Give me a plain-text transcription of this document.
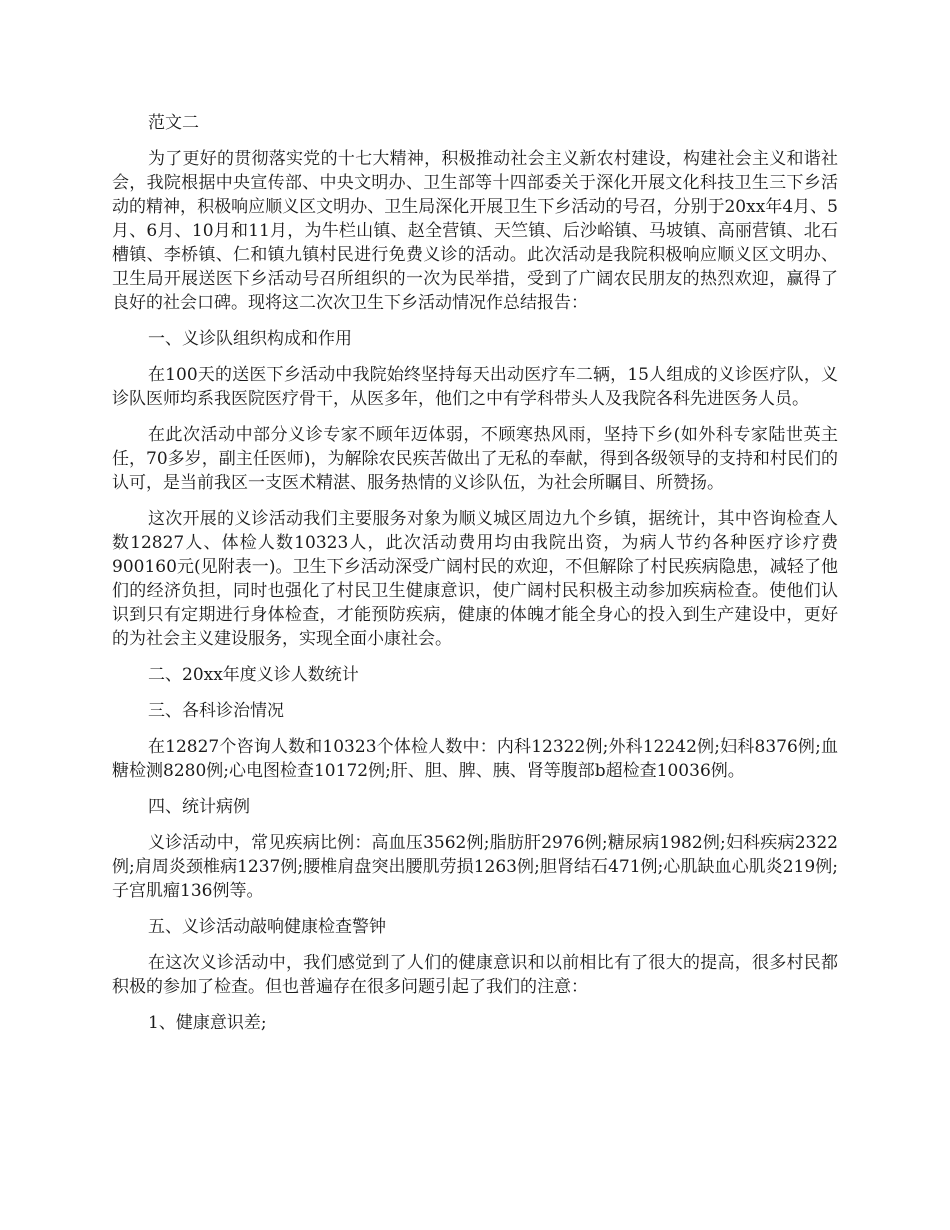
范文二

为了更好的贯彻落实党的十七大精神，积极推动社会主义新农村建设，构建社会主义和谐社会，我院根据中央宣传部、中央文明办、卫生部等十四部委关于深化开展文化科技卫生三下乡活动的精神，积极响应顺义区文明办、卫生局深化开展卫生下乡活动的号召，分别于20xx年4月、5月、6月、10月和11月，为牛栏山镇、赵全营镇、天竺镇、后沙峪镇、马坡镇、高丽营镇、北石槽镇、李桥镇、仁和镇九镇村民进行免费义诊的活动。此次活动是我院积极响应顺义区文明办、卫生局开展送医下乡活动号召所组织的一次为民举措，受到了广阔农民朋友的热烈欢迎，赢得了良好的社会口碑。现将这二次次卫生下乡活动情况作总结报告：

一、义诊队组织构成和作用

在100天的送医下乡活动中我院始终坚持每天出动医疗车二辆，15人组成的义诊医疗队，义诊队医师均系我医院医疗骨干，从医多年，他们之中有学科带头人及我院各科先进医务人员。

在此次活动中部分义诊专家不顾年迈体弱，不顾寒热风雨，坚持下乡(如外科专家陆世英主任，70多岁，副主任医师)，为解除农民疾苦做出了无私的奉献，得到各级领导的支持和村民们的认可，是当前我区一支医术精湛、服务热情的义诊队伍，为社会所瞩目、所赞扬。

这次开展的义诊活动我们主要服务对象为顺义城区周边九个乡镇，据统计，其中咨询检查人数12827人、体检人数10323人，此次活动费用均由我院出资，为病人节约各种医疗诊疗费900160元(见附表一)。卫生下乡活动深受广阔村民的欢迎，不但解除了村民疾病隐患，减轻了他们的经济负担，同时也强化了村民卫生健康意识，使广阔村民积极主动参加疾病检查。使他们认识到只有定期进行身体检查，才能预防疾病，健康的体魄才能全身心的投入到生产建设中，更好的为社会主义建设服务，实现全面小康社会。

二、20xx年度义诊人数统计

三、各科诊治情况

在12827个咨询人数和10323个体检人数中：内科12322例;外科12242例;妇科8376例;血糖检测8280例;心电图检查10172例;肝、胆、脾、胰、肾等腹部b超检查10036例。

四、统计病例

义诊活动中，常见疾病比例：高血压3562例;脂肪肝2976例;糖尿病1982例;妇科疾病2322例;肩周炎颈椎病1237例;腰椎肩盘突出腰肌劳损1263例;胆肾结石471例;心肌缺血心肌炎219例;子宫肌瘤136例等。

五、义诊活动敲响健康检查警钟

在这次义诊活动中，我们感觉到了人们的健康意识和以前相比有了很大的提高，很多村民都积极的参加了检查。但也普遍存在很多问题引起了我们的注意：

1、健康意识差;
